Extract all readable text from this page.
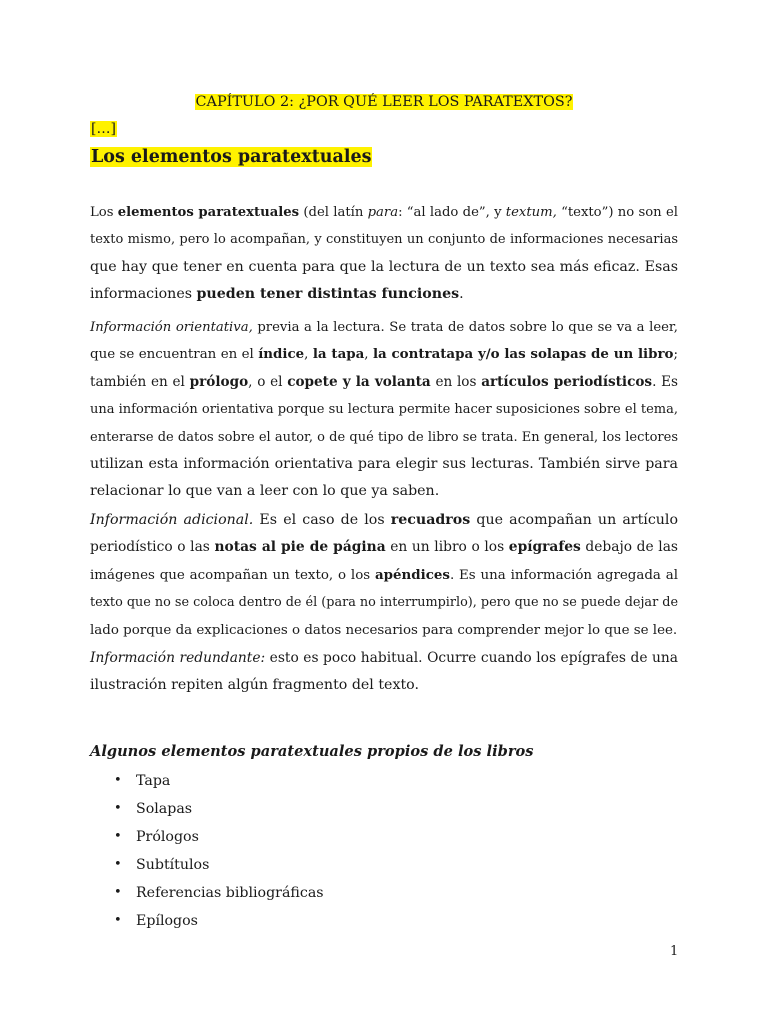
CAPÍTULO 2: ¿POR QUÉ LEER LOS PARATEXTOS?
[…]
Los elementos paratextuales
Los elementos paratextuales (del latín para: “al lado de”, y textum, “texto”) no son el
texto mismo, pero lo acompañan, y constituyen un conjunto de informaciones necesarias
que hay que tener en cuenta para que la lectura de un texto sea más eficaz. Esas
informaciones pueden tener distintas funciones.
Información orientativa, previa a la lectura. Se trata de datos sobre lo que se va a leer,
que se encuentran en el índice, la tapa, la contratapa y/o las solapas de un libro;
también en el prólogo, o el copete y la volanta en los artículos periodísticos. Es
una información orientativa porque su lectura permite hacer suposiciones sobre el tema,
enterarse de datos sobre el autor, o de qué tipo de libro se trata. En general, los lectores
utilizan esta información orientativa para elegir sus lecturas. También sirve para
relacionar lo que van a leer con lo que ya saben.
Información adicional. Es el caso de los recuadros que acompañan un artículo
periodístico o las notas al pie de página en un libro o los epígrafes debajo de las
imágenes que acompañan un texto, o los apéndices. Es una información agregada al
texto que no se coloca dentro de él (para no interrumpirlo), pero que no se puede dejar de
lado porque da explicaciones o datos necesarios para comprender mejor lo que se lee.
Información redundante: esto es poco habitual. Ocurre cuando los epígrafes de una
ilustración repiten algún fragmento del texto.
Algunos elementos paratextuales propios de los libros
• Tapa
• Solapas
• Prólogos
• Subtítulos
• Referencias bibliográficas
• Epílogos
1
